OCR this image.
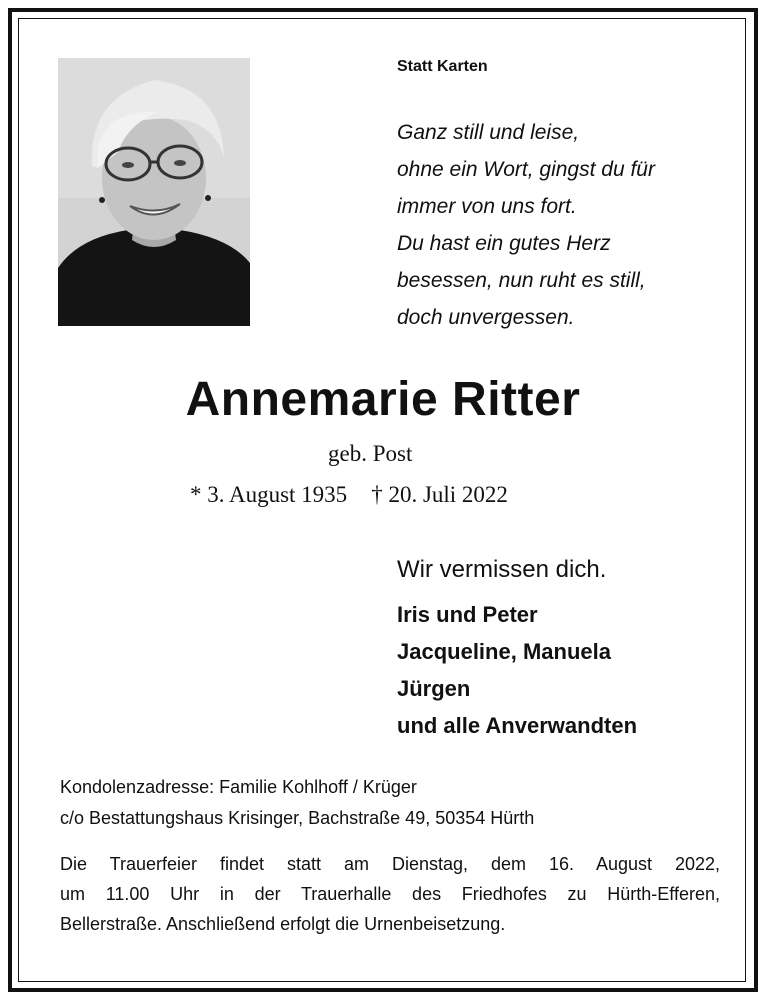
Statt Karten
Ganz still und leise,
ohne ein Wort, gingst du für
immer von uns fort.
Du hast ein gutes Herz
besessen, nun ruht es still,
doch unvergessen.
Annemarie Ritter
geb. Post
* 3. August 1935 † 20. Juli 2022
Wir vermissen dich.
Iris und Peter
Jacqueline, Manuela
Jürgen
und alle Anverwandten
Kondolenzadresse: Familie Kohlhoff / Krüger
c/o Bestattungshaus Krisinger, Bachstraße 49, 50354 Hürth
Die Trauerfeier findet statt am Dienstag, dem 16. August 2022,
um 11.00 Uhr in der Trauerhalle des Friedhofes zu Hürth-Efferen,
Bellerstraße. Anschließend erfolgt die Urnenbeisetzung.
